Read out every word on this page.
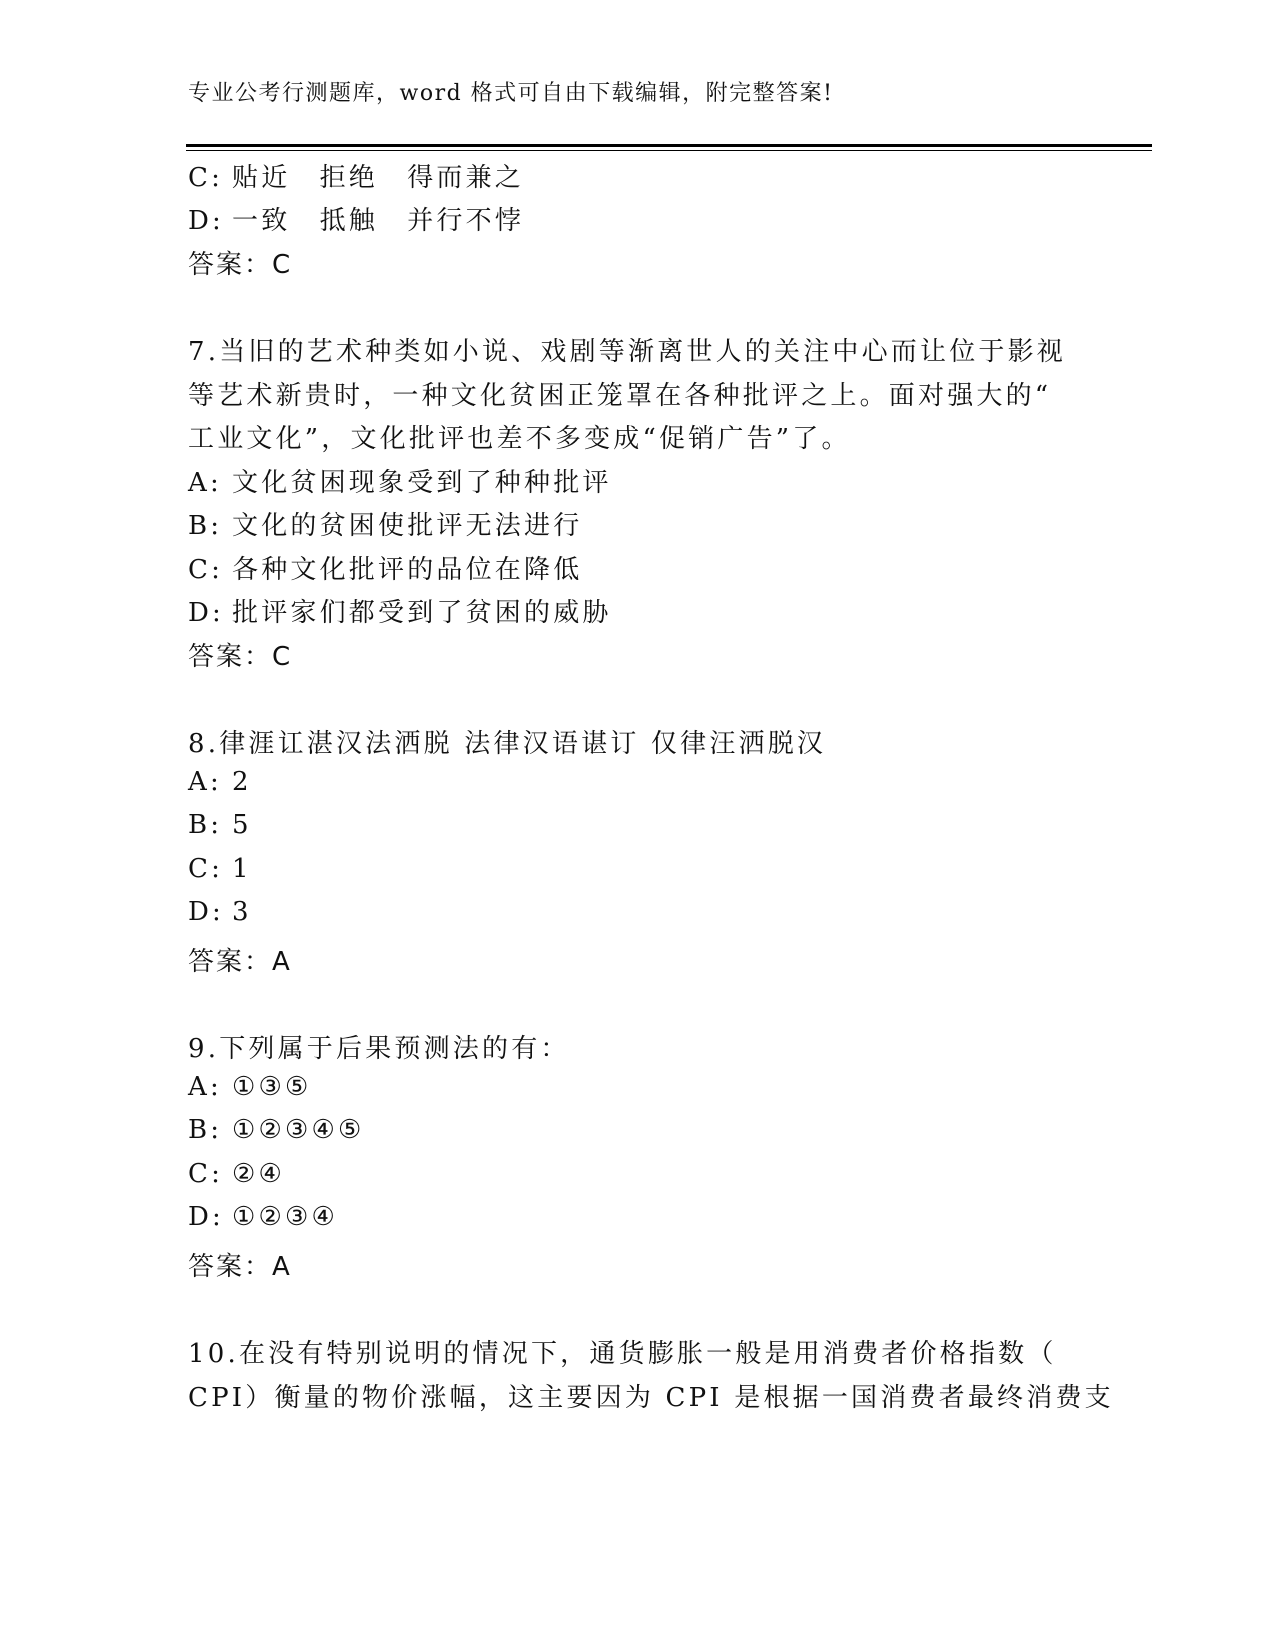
专业公考行测题库，word 格式可自由下载编辑，附完整答案!
C: 贴近　拒绝　得而兼之
D: 一致　抵触　并行不悖
答案：C
7.当旧的艺术种类如小说、戏剧等渐离世人的关注中心而让位于影视
等艺术新贵时，一种文化贫困正笼罩在各种批评之上。面对强大的“
工业文化”，文化批评也差不多变成“促销广告”了。
A: 文化贫困现象受到了种种批评
B: 文化的贫困使批评无法进行
C: 各种文化批评的品位在降低
D: 批评家们都受到了贫困的威胁
答案：C
8.律涯讧湛汉法洒脱 法律汉语谌订 仅律汪洒脱汉
A: 2
B: 5
C: 1
D: 3
答案：A
9.下列属于后果预测法的有：
A: ①③⑤
B: ①②③④⑤
C: ②④
D: ①②③④
答案：A
10.在没有特别说明的情况下，通货膨胀一般是用消费者价格指数（
CPI）衡量的物价涨幅，这主要因为 CPI 是根据一国消费者最终消费支
